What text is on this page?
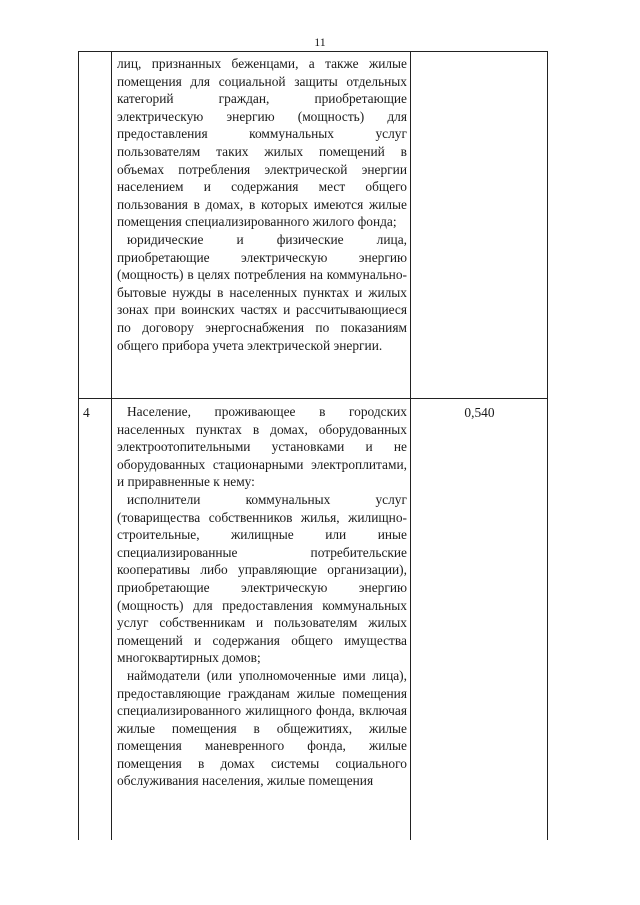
11

лиц, признанных беженцами, а также жилые помещения для социальной защиты отдельных категорий граждан, приобретающие электрическую энергию (мощность) для предоставления коммунальных услуг пользователям таких жилых помещений в объемах потребления электрической энергии населением и содержания мест общего пользования в домах, в которых имеются жилые помещения специализированного жилого фонда;

юридические и физические лица, приобретающие электрическую энергию (мощность) в целях потребления на коммунально-бытовые нужды в населенных пунктах и жилых зонах при воинских частях и рассчитывающиеся по договору энергоснабжения по показаниям общего прибора учета электрической энергии.

4	Население, проживающее в городских населенных пунктах в домах, оборудованных электроотопительными установками и не оборудованных стационарными электроплитами, и приравненные к нему:

исполнители коммунальных услуг (товарищества собственников жилья, жилищно-строительные, жилищные или иные специализированные потребительские кооперативы либо управляющие организации), приобретающие электрическую энергию (мощность) для предоставления коммунальных услуг собственникам и пользователям жилых помещений и содержания общего имущества многоквартирных домов;

наймодатели (или уполномоченные ими лица), предоставляющие гражданам жилые помещения специализированного жилищного фонда, включая жилые помещения в общежитиях, жилые помещения маневренного фонда, жилые помещения в домах системы социального обслуживания населения, жилые помещения

0,540
